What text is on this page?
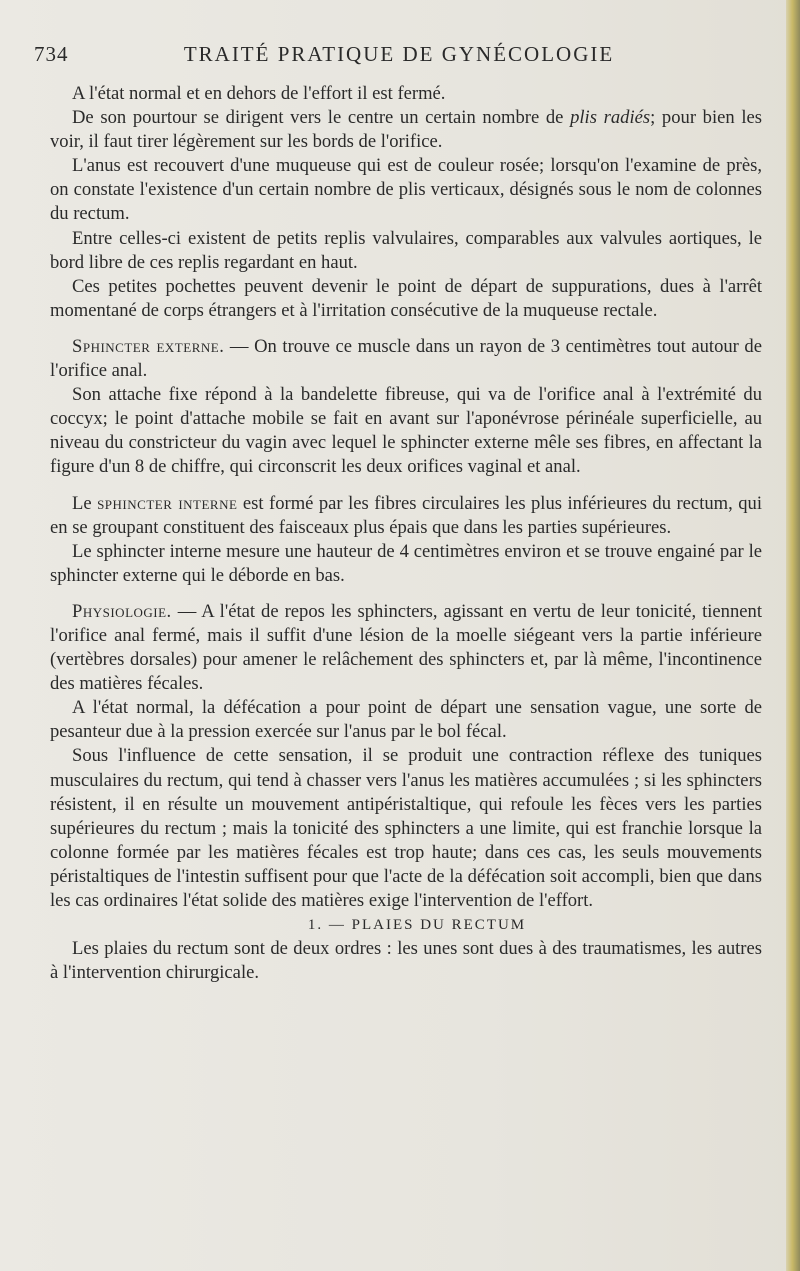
TRAITÉ PRATIQUE DE GYNÉCOLOGIE
734

A l'état normal et en dehors de l'effort il est fermé.

De son pourtour se dirigent vers le centre un certain nombre de plis radiés; pour bien les voir, il faut tirer légèrement sur les bords de l'orifice.

L'anus est recouvert d'une muqueuse qui est de couleur rosée; lorsqu'on l'examine de près, on constate l'existence d'un certain nombre de plis verticaux, désignés sous le nom de colonnes du rectum.

Entre celles-ci existent de petits replis valvulaires, comparables aux valvules aortiques, le bord libre de ces replis regardant en haut.

Ces petites pochettes peuvent devenir le point de départ de suppurations, dues à l'arrêt momentané de corps étrangers et à l'irritation consécutive de la muqueuse rectale.

Sphincter externe. — On trouve ce muscle dans un rayon de 3 centimètres tout autour de l'orifice anal.

Son attache fixe répond à la bandelette fibreuse, qui va de l'orifice anal à l'extrémité du coccyx; le point d'attache mobile se fait en avant sur l'aponévrose périnéale superficielle, au niveau du constricteur du vagin avec lequel le sphincter externe mêle ses fibres, en affectant la figure d'un 8 de chiffre, qui circonscrit les deux orifices vaginal et anal.

Le sphincter interne est formé par les fibres circulaires les plus inférieures du rectum, qui en se groupant constituent des faisceaux plus épais que dans les parties supérieures.

Le sphincter interne mesure une hauteur de 4 centimètres environ et se trouve engainé par le sphincter externe qui le déborde en bas.

Physiologie. — A l'état de repos les sphincters, agissant en vertu de leur tonicité, tiennent l'orifice anal fermé, mais il suffit d'une lésion de la moelle siégeant vers la partie inférieure (vertèbres dorsales) pour amener le relâchement des sphincters et, par là même, l'incontinence des matières fécales.

A l'état normal, la défécation a pour point de départ une sensation vague, une sorte de pesanteur due à la pression exercée sur l'anus par le bol fécal.

Sous l'influence de cette sensation, il se produit une contraction réflexe des tuniques musculaires du rectum, qui tend à chasser vers l'anus les matières accumulées ; si les sphincters résistent, il en résulte un mouvement antipéristaltique, qui refoule les fèces vers les parties supérieures du rectum ; mais la tonicité des sphincters a une limite, qui est franchie lorsque la colonne formée par les matières fécales est trop haute; dans ces cas, les seuls mouvements péristaltiques de l'intestin suffisent pour que l'acte de la défécation soit accompli, bien que dans les cas ordinaires l'état solide des matières exige l'intervention de l'effort.

1. — PLAIES DU RECTUM

Les plaies du rectum sont de deux ordres : les unes sont dues à des traumatismes, les autres à l'intervention chirurgicale.
